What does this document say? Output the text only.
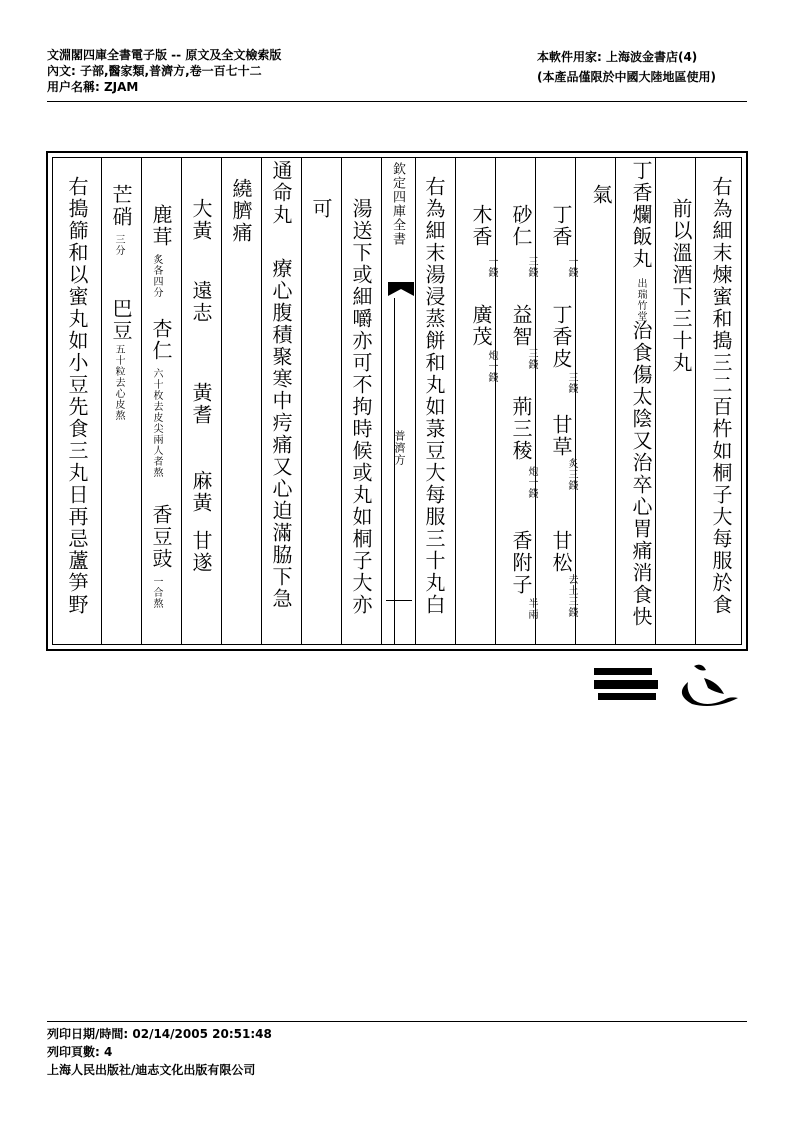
文淵閣四庫全書電子版 -- 原文及全文檢索版
內文: 子部,醫家類,普濟方,卷一百七十二
用户名稱: ZJAM
本軟件用家: 上海波金書店(4)
(本產品僅限於中國大陸地區使用)
右為細末煉蜜和搗三二百杵如桐子大每服於食
前以溫酒下三十丸
丁香爛飯丸
出瑞竹堂
治食傷太陰又治卒心胃痛消食快
氣
丁香
一錢
丁香皮
三錢
甘草
炙三錢
甘松
去土三錢
砂仁
三錢
益智
三錢
荊三稜
炮一錢
香附子
半兩
木香
一錢
廣茂
炮一錢
右為細末湯浸蒸餅和丸如菉豆大每服三十丸白
欽定四庫全書
普濟方
湯送下或細嚼亦可不拘時候或丸如桐子大亦
可
通命丸
療心腹積聚寒中疞痛又心迫滿脇下急
繞臍痛
大黃
遠志
黃耆
麻黃
甘遂
鹿茸
炙各四分
杏仁
六十枚去皮尖兩人者熬
香豆豉
一合熬
芒硝
三分
巴豆
五十粒去心皮熬
右搗篩和以蜜丸如小豆先食三丸日再忌蘆笋野
列印日期/時間: 02/14/2005 20:51:48
列印頁數: 4
上海人民出版社/迪志文化出版有限公司
